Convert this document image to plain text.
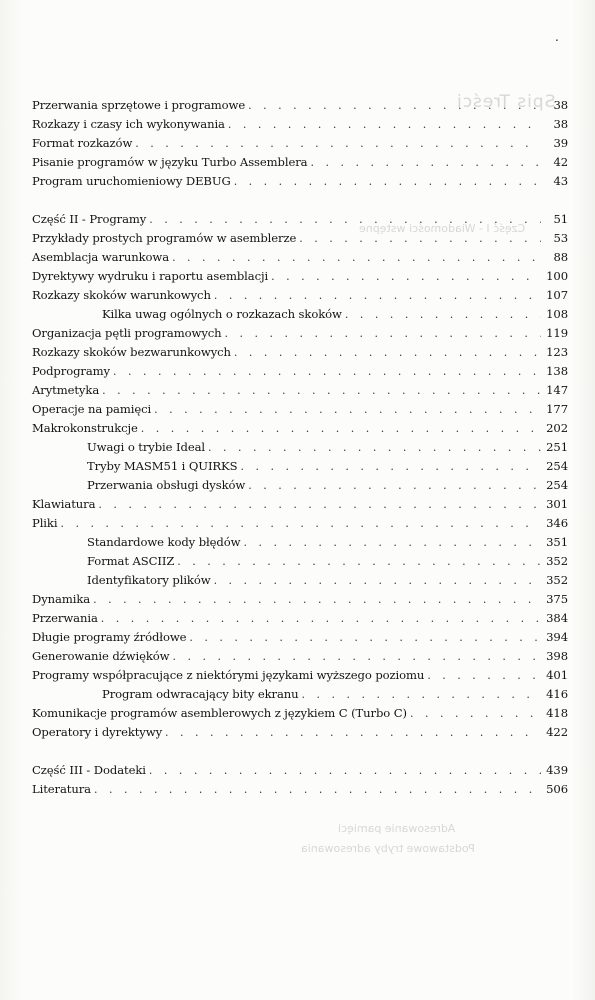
Spis Treści
Część I - Wiadomości wstępne
Adresowanie pamięci
Podstawowe tryby adresowania
.
Przerwania sprzętowe i programowe . . .	38
Rozkazy i czasy ich wykonywania . . .	38
Format rozkazów . . .	39
Pisanie programów w języku Turbo Assemblera . . .	42
Program uruchomieniowy DEBUG . . .	43
Część II - Programy . . .	51
Przykłady prostych programów w asemblerze . . .	53
Asemblacja warunkowa . . .	88
Dyrektywy wydruku i raportu asemblacji . . .	100
Rozkazy skoków warunkowych . . .	107
Kilka uwag ogólnych o rozkazach skoków . . .	108
Organizacja pętli programowych . . .	119
Rozkazy skoków bezwarunkowych . . .	123
Podprogramy . . .	138
Arytmetyka . . .	147
Operacje na pamięci . . .	177
Makrokonstrukcje . . .	202
Uwagi o trybie Ideal . . .	251
Tryby MASM51 i QUIRKS . . .	254
Przerwania obsługi dysków . . .	254
Klawiatura . . .	301
Pliki . . .	346
Standardowe kody błędów . . .	351
Format ASCIIZ . . .	352
Identyfikatory plików . . .	352
Dynamika . . .	375
Przerwania . . .	384
Długie programy źródłowe . . .	394
Generowanie dźwięków . . .	398
Programy współpracujące z niektórymi językami wyższego poziomu . . .	401
Program odwracający bity ekranu . . .	416
Komunikacje programów asemblerowych z językiem C (Turbo C) . . .	418
Operatory i dyrektywy . . .	422
Część III - Dodateki . . .	439
Literatura . . .	506
